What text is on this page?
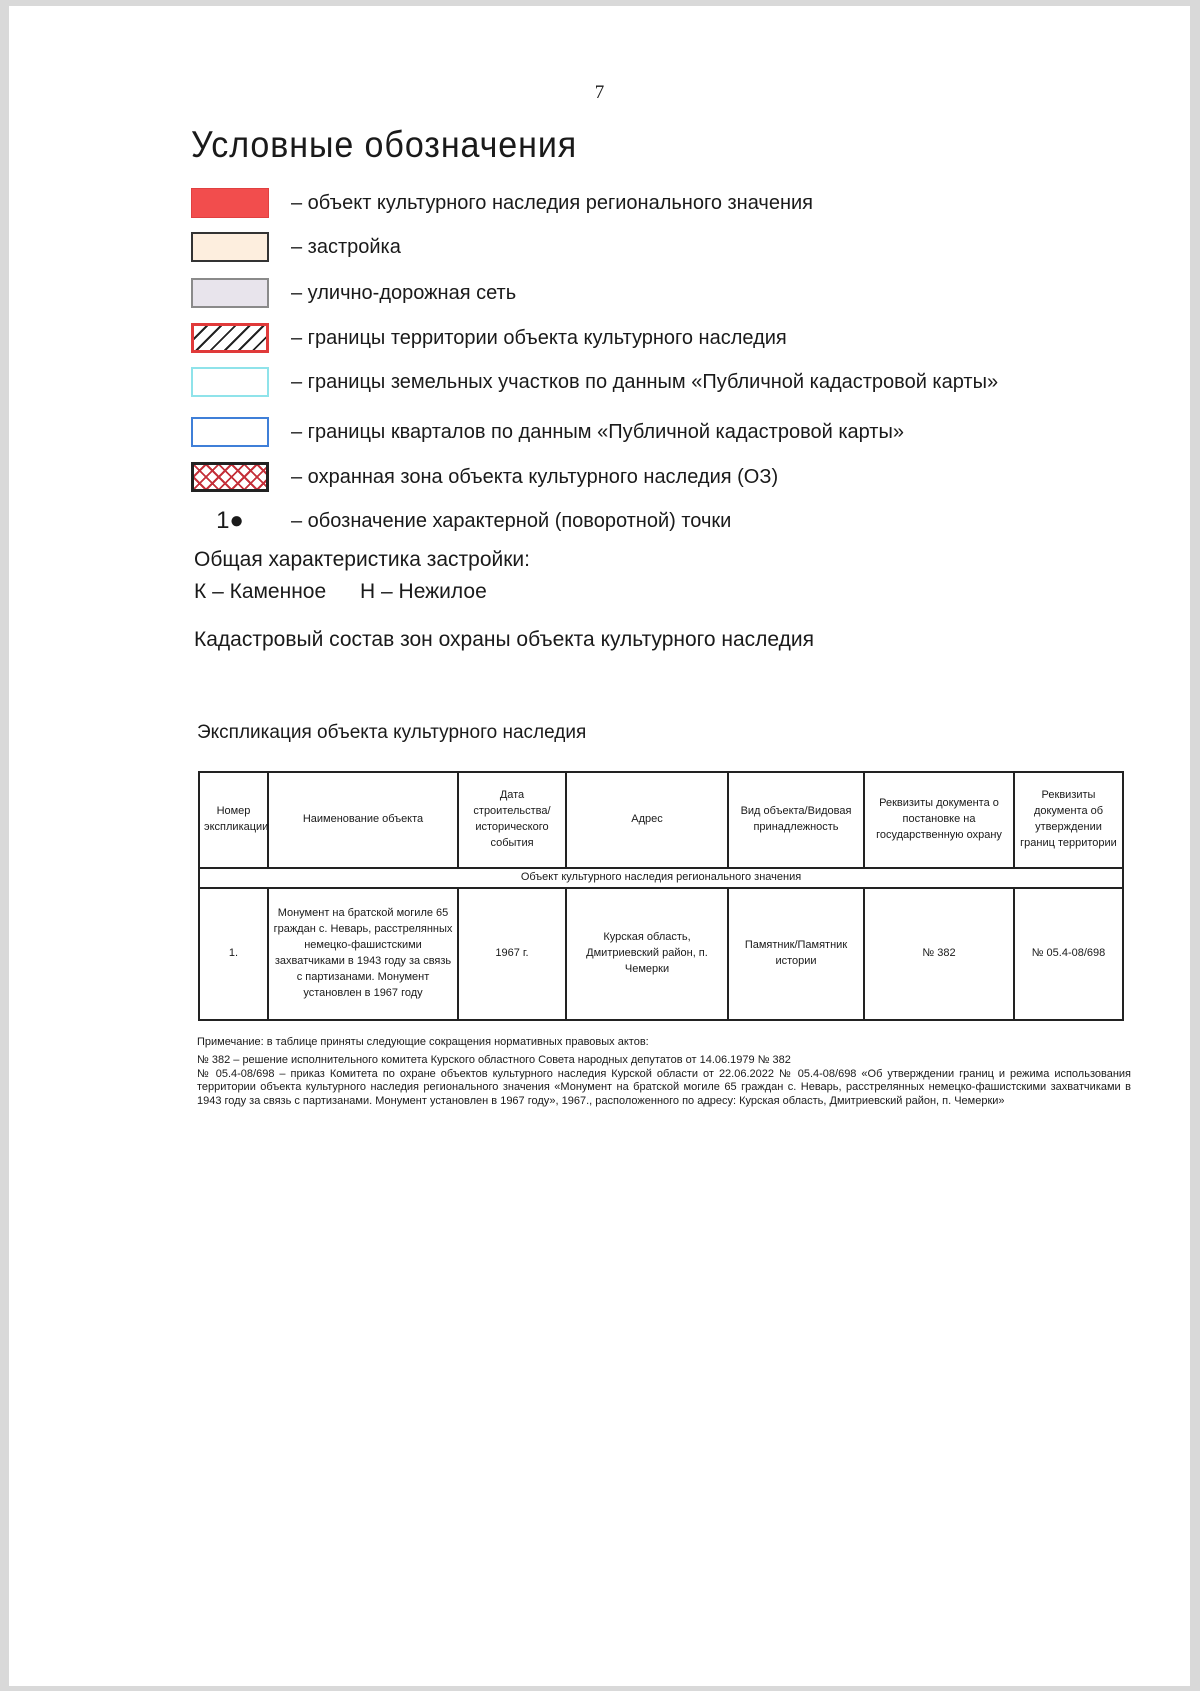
7
Условные обозначения
– объект культурного наследия регионального значения
– застройка
– улично-дорожная сеть
– границы территории объекта культурного наследия
– границы земельных участков по данным «Публичной кадастровой карты»
– границы кварталов по данным «Публичной кадастровой карты»
– охранная зона объекта культурного наследия (ОЗ)
1●	– обозначение характерной (поворотной) точки
Общая характеристика застройки:
К – Каменное Н – Нежилое
Кадастровый состав зон охраны объекта культурного наследия
Экспликация объекта культурного наследия
Номер экспликации	Наименование объекта	Дата строительства/исторического события	Адрес	Вид объекта/Видовая принадлежность	Реквизиты документа о постановке на государственную охрану	Реквизиты документа об утверждении границ территории
Объект культурного наследия регионального значения						
1.	Монумент на братской могиле 65 граждан с. Неварь, расстрелянных немецко-фашистскими захватчиками в 1943 году за связь с партизанами. Монумент установлен в 1967 году	1967 г.	Курская область, Дмитриевский район, п. Чемерки	Памятник/Памятник истории	№ 382	№ 05.4-08/698

Примечание: в таблице приняты следующие сокращения нормативных правовых актов:

№ 382 – решение исполнительного комитета Курского областного Совета народных депутатов от 14.06.1979 № 382

№ 05.4-08/698 – приказ Комитета по охране объектов культурного наследия Курской области от 22.06.2022 № 05.4-08/698 «Об утверждении границ и режима использования территории объекта культурного наследия регионального значения «Монумент на братской могиле 65 граждан с. Неварь, расстрелянных немецко-фашистскими захватчиками в 1943 году за связь с партизанами. Монумент установлен в 1967 году», 1967., расположенного по адресу: Курская область, Дмитриевский район, п. Чемерки»
